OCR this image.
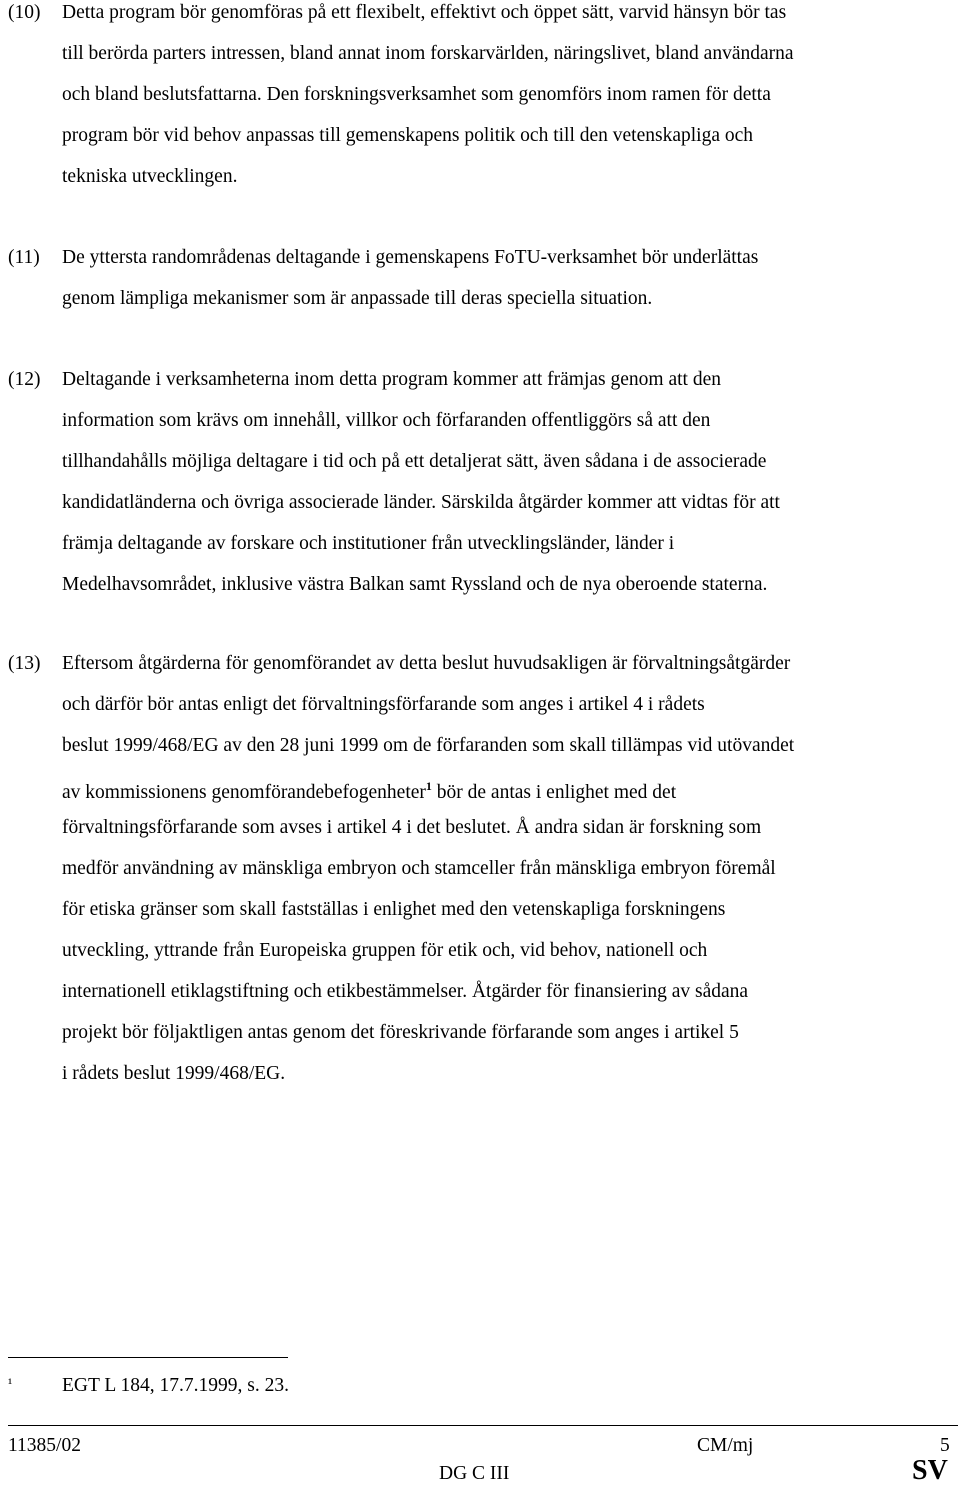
(10) Detta program bör genomföras på ett flexibelt, effektivt och öppet sätt, varvid hänsyn bör tas
till berörda parters intressen, bland annat inom forskarvärlden, näringslivet, bland användarna
och bland beslutsfattarna. Den forskningsverksamhet som genomförs inom ramen för detta
program bör vid behov anpassas till gemenskapens politik och till den vetenskapliga och
tekniska utvecklingen.
(11) De yttersta randområdenas deltagande i gemenskapens FoTU-verksamhet bör underlättas
genom lämpliga mekanismer som är anpassade till deras speciella situation.
(12) Deltagande i verksamheterna inom detta program kommer att främjas genom att den
information som krävs om innehåll, villkor och förfaranden offentliggörs så att den
tillhandahålls möjliga deltagare i tid och på ett detaljerat sätt, även sådana i de associerade
kandidatländerna och övriga associerade länder. Särskilda åtgärder kommer att vidtas för att
främja deltagande av forskare och institutioner från utvecklingsländer, länder i
Medelhavsområdet, inklusive västra Balkan samt Ryssland och de nya oberoende staterna.
(13) Eftersom åtgärderna för genomförandet av detta beslut huvudsakligen är förvaltningsåtgärder
och därför bör antas enligt det förvaltningsförfarande som anges i artikel 4 i rådets
beslut 1999/468/EG av den 28 juni 1999 om de förfaranden som skall tillämpas vid utövandet
av kommissionens genomförandebefogenheter$^1$ bör de antas i enlighet med det
förvaltningsförfarande som avses i artikel 4 i det beslutet. Å andra sidan är forskning som
medför användning av mänskliga embryon och stamceller från mänskliga embryon föremål
för etiska gränser som skall fastställas i enlighet med den vetenskapliga forskningens
utveckling, yttrande från Europeiska gruppen för etik och, vid behov, nationell och
internationell etiklagstiftning och etikbestämmelser. Åtgärder för finansiering av sådana
projekt bör följaktligen antas genom det föreskrivande förfarande som anges i artikel 5
i rådets beslut 1999/468/EG.
¹	EGT L 184, 17.7.1999, s. 23.
11385/02	CM/mj	5
DG C III	SV
